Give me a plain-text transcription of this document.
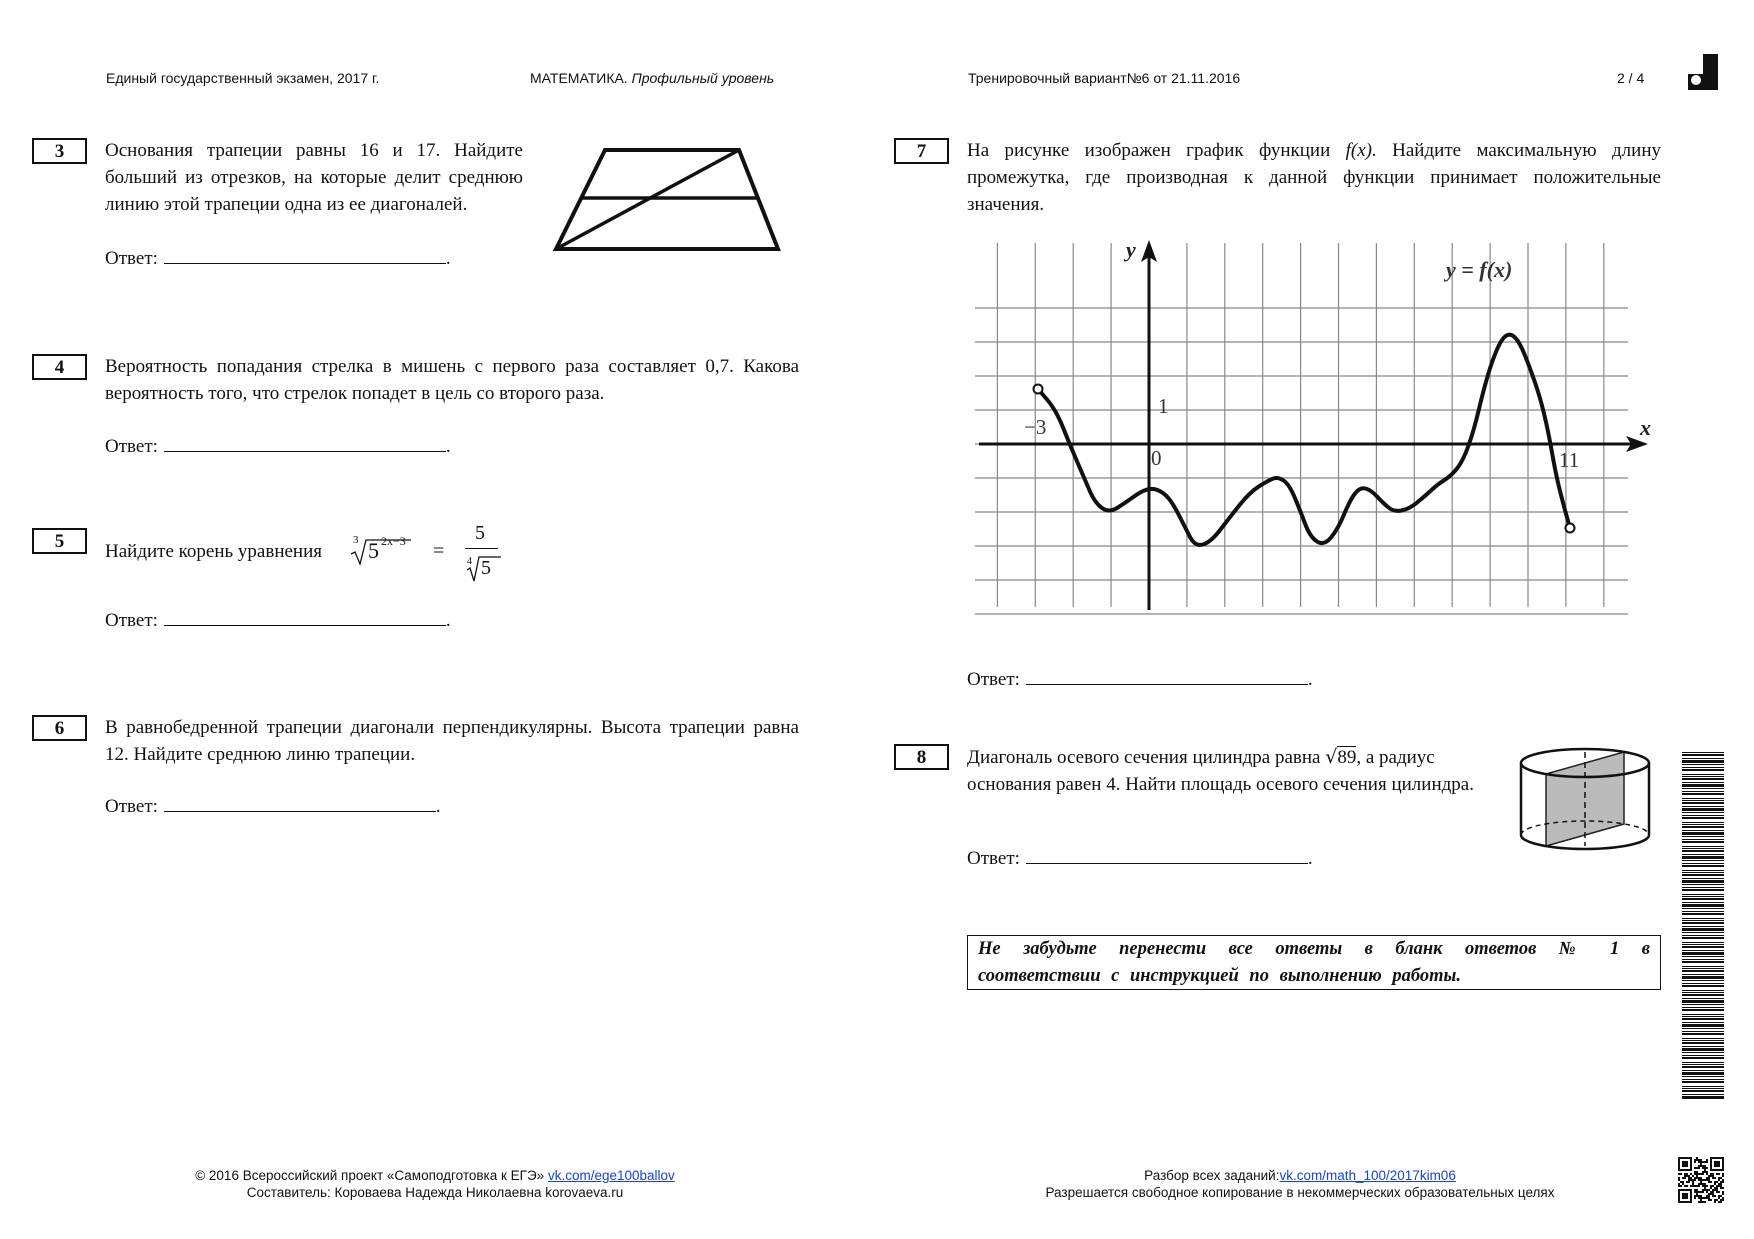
Единый государственный экзамен, 2017 г.	МАТЕМАТИКА. Профильный уровень	Тренировочный вариант№6 от 21.11.2016	2 / 4
3	Основания трапеции равны 16 и 17. Найдите больший из отрезков, на которые делит среднюю линию этой трапеции одна из ее диагоналей.
Ответ:	.
4	Вероятность попадания стрелка в мишень с первого раза составляет 0,7. Какова вероятность того, что стрелок попадет в цель со второго раза.
Ответ:	.
5	Найдите корень уравнения
3 5 2x−3 =
5
4 5
Ответ:	.
6	В равнобедренной трапеции диагонали перпендикулярны. Высота трапеции равна 12. Найдите среднюю линю трапеции.
Ответ:	.
7	На рисунке изображен график функции f(x). Найдите максимальную длину промежутка, где производная к данной функции принимает положительные значения.
y
x
y = f(x)
−3
0
1
11
Ответ:	.
8	Диагональ осевого сечения цилиндра равна √89, а радиус основания равен 4. Найти площадь осевого сечения цилиндра.
Ответ:	.
Не забудьте перенести все ответы в бланк ответов № 1 в соответствии с инструкцией по выполнению работы.
© 2016 Всероссийский проект «Самоподготовка к ЕГЭ» vk.com/ege100ballov
Составитель: Короваева Надежда Николаевна korovaeva.ru
Разбор всех заданий:vk.com/math_100/2017kim06
Разрешается свободное копирование в некоммерческих образовательных целях
